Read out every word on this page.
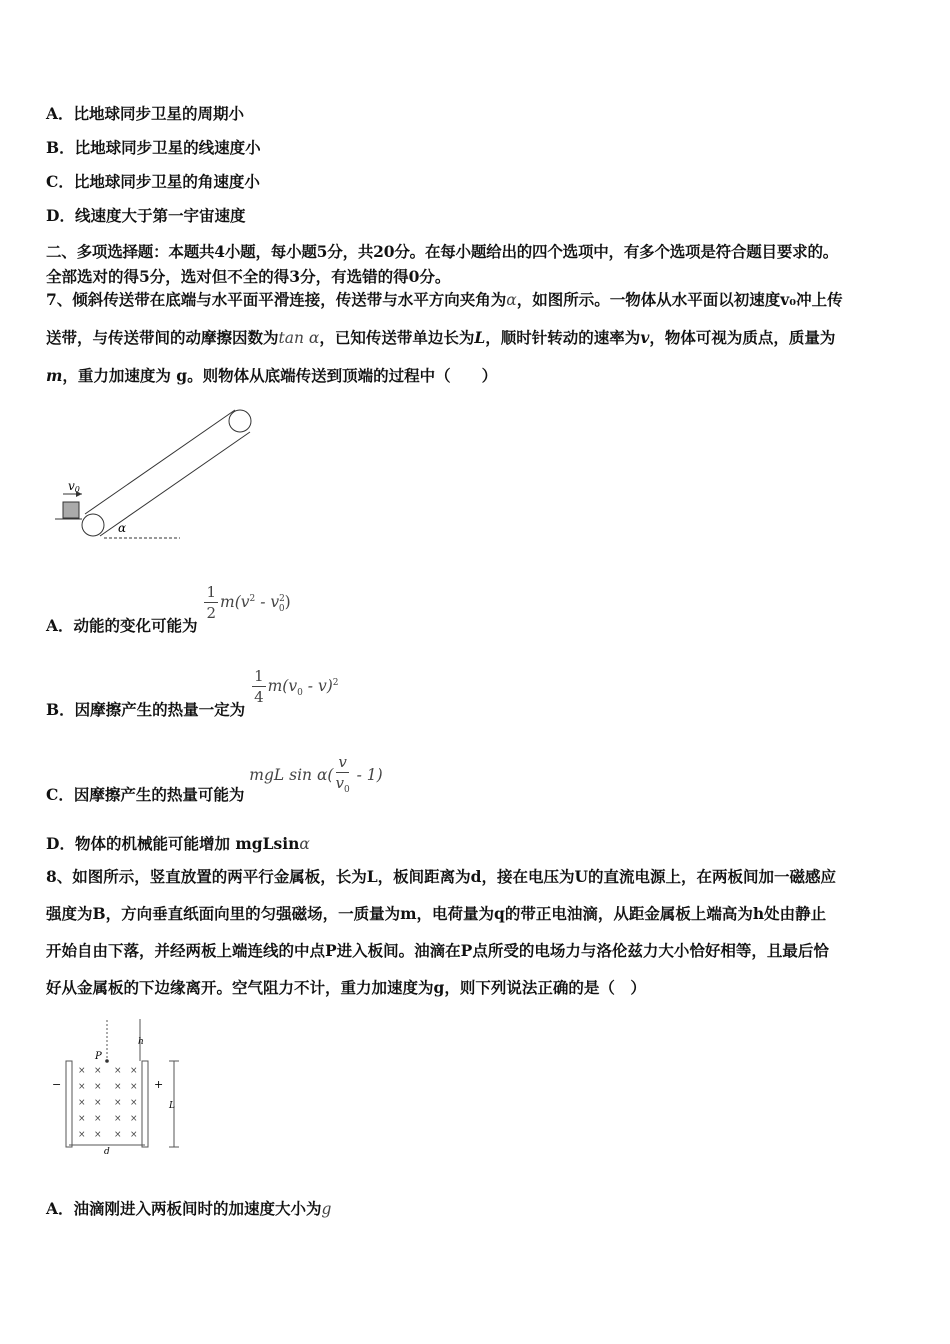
A．比地球同步卫星的周期小
B．比地球同步卫星的线速度小
C．比地球同步卫星的角速度小
D．线速度大于第一宇宙速度
二、多项选择题：本题共4小题，每小题5分，共20分。在每小题给出的四个选项中，有多个选项是符合题目要求的。
全部选对的得5分，选对但不全的得3分，有选错的得0分。
7、倾斜传送带在底端与水平面平滑连接，传送带与水平方向夹角为α，如图所示。一物体从水平面以初速度v₀冲上传
送带，与传送带间的动摩擦因数为tan α，已知传送带单边长为L，顺时针转动的速率为v，物体可视为质点，质量为
m，重力加速度为 g。则物体从底端传送到顶端的过程中（　　）
v0
α
A．动能的变化可能为
$\frac{1}{2} m(v^2 - v^2_0)$
B．因摩擦产生的热量一定为
$\frac{1}{4} m(v_0 - v)^2$
C．因摩擦产生的热量可能为 mgL $\sin \alpha( \frac{v}{v_0} - 1)$
D．物体的机械能可能增加 mgLsinα
8、如图所示，竖直放置的两平行金属板，长为L，板间距离为d，接在电压为U的直流电源上，在两板间加一磁感应
强度为B，方向垂直纸面向里的匀强磁场，一质量为m，电荷量为q的带正电油滴，从距金属板上端高为h处由静止
开始自由下落，并经两板上端连线的中点P进入板间。油滴在P点所受的电场力与洛伦兹力大小恰好相等，且最后恰
好从金属板的下边缘离开。空气阻力不计，重力加速度为g，则下列说法正确的是（　）
−	+
P
h
L
d
× × × ×
× × × ×
× × × ×
× × × ×
× × × ×
A．油滴刚进入两板间时的加速度大小为g
